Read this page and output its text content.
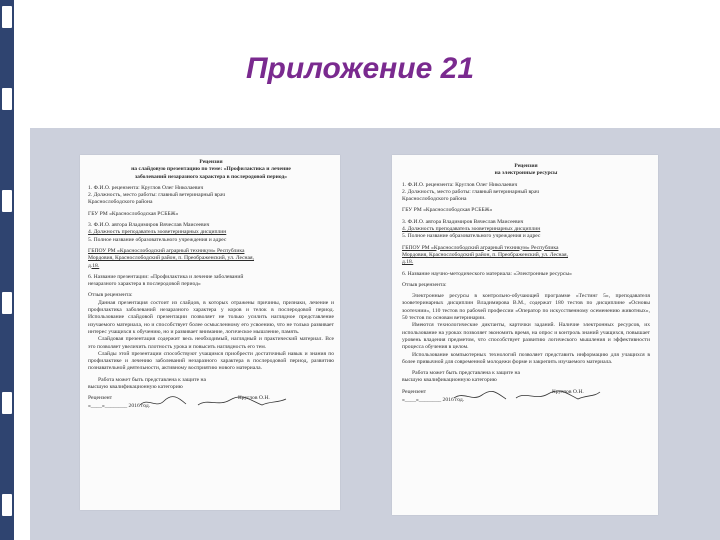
Приложение 21
Рецензия
на слайдовую презентацию по теме: «Профилактика и лечение
заболеваний незаразного характера в послеродовой период»
1. Ф.И.О. рецензента: Круглов Олег Николаевич
2. Должность, место работы: главный ветеринарный врач
Краснослободского района
ГБУ РМ «Краснослободская РСББЖ»
3. Ф.И.О. автора Владимиров Вячеслав Маисеевич
4. Должность преподаватель зооветеринарных дисциплин
5. Полное название образовательного учреждения и адрес
ГБПОУ РМ «Краснослободский аграрный техникум» Республика
Мордовия, Краснослободский район, п. Преображенский, ул. Лесная,
д.18.
6. Название презентации: «Профилактика и лечение заболеваний
незаразного характера в послеродовой период»
Отзыв рецензента:
Данная презентация состоит из слайдов, в которых отражены причины, признаки, лечение и профилактика заболеваний незаразного характера у коров и телок в послеродовой период. Использование слайдовой презентации позволяет не только усилить наглядное представление изучаемого материала, но и способствует более осмысленному его усвоению, что не только развивает интерес учащихся к обучению, но и развивает внимание, логическое мышление, память.
Слайдовая презентация содержит весь необходимый, наглядный и практический материал. Все это позволяет увеличить плотность урока и повысить наглядность его тем.
Слайды этой презентации способствуют учащимся приобрести достаточный навык и знания по профилактике и лечению заболеваний незаразного характера в послеродовой период, развитию познавательной деятельности, активному восприятию нового материала.
Работа может быть представлена к защите на
высшую квалификационную категорию
Рецензент	Круглов О.Н.
«____»________ 2016 год.
Рецензия
на электронные ресурсы
1. Ф.И.О. рецензента: Круглов Олег Николаевич
2. Должность, место работы: главный ветеринарный врач
Краснослободского района
ГБУ РМ «Краснослободская РСББЖ»
3. Ф.И.О. автора Владимиров Вячеслав Маисеевич
4. Должность преподаватель зооветеринарных дисциплин
5. Полное название образовательного учреждения и адрес
ГБПОУ РМ «Краснослободский аграрный техникум» Республика
Мордовия, Краснослободский район, п. Преображенский, ул. Лесная,
д.18.
6. Название научно-методического материала: «Электронные ресурсы»
Отзыв рецензента:
Электронные ресурсы в контрольно-обучающей программе «Тестинг 5», преподавателя зооветеринарных дисциплин Владимирова В.М., содержат 180 тестов по дисциплине «Основы зоотехнии», 110 тестов по рабочей профессии «Оператор по искусственному осеменению животных», 50 тестов по основам ветеринарии.
Имеются технологические диктанты, карточки заданий. Наличие электронных ресурсов, их использование на уроках позволяет экономить время, на опрос и контроль знаний учащихся, повышает уровень владения предметом, что способствует развитию логического мышления и эффективности процесса обучения в целом.
Использование компьютерных технологий позволяет представить информацию для учащихся в более привычной для современной молодежи форме и закрепить изучаемого материала.
Работа может быть представлена к защите на
высшую квалификационную категорию
Рецензент	Круглов О.Н.
«____»________ 2016 год.
